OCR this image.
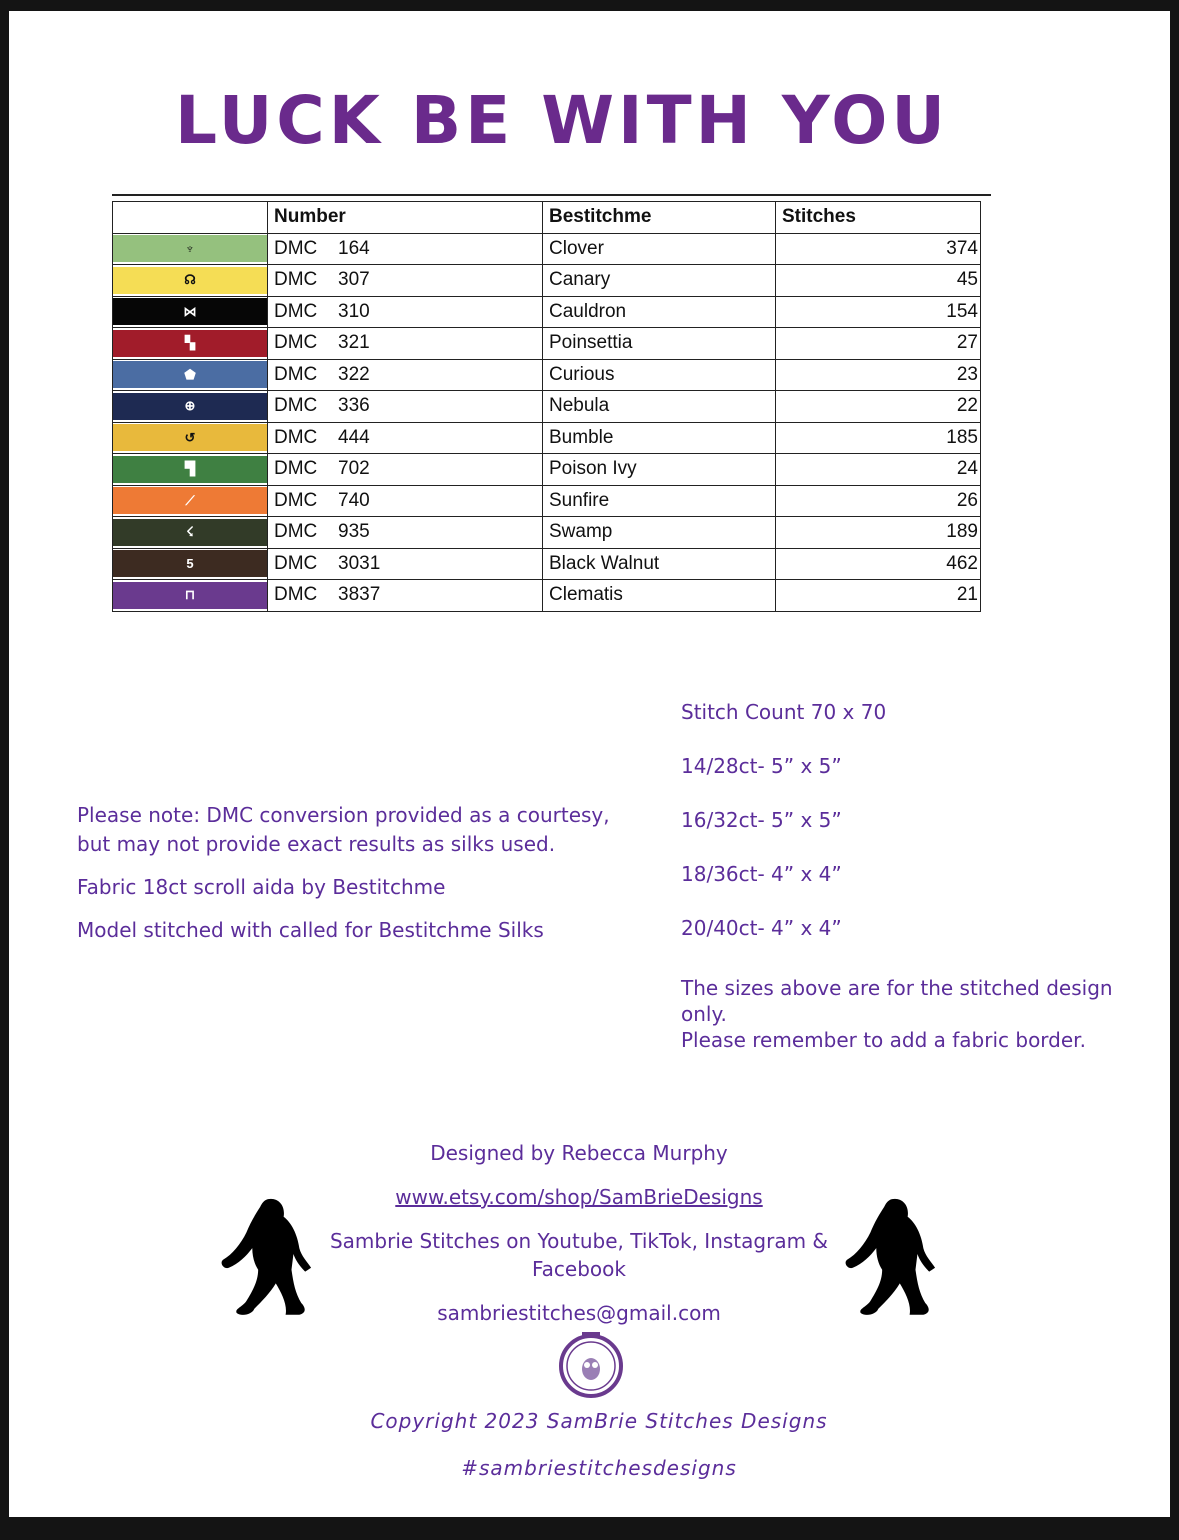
LUCK BE WITH YOU
	Number	Bestitchme	Stitches

♆	DMC 164	Clover	374

☊	DMC 307	Canary	45

⋈	DMC 310	Cauldron	154

▚	DMC 321	Poinsettia	27

⬟	DMC 322	Curious	23

⊕	DMC 336	Nebula	22

↺	DMC 444	Bumble	185

▜	DMC 702	Poison Ivy	24

⟋	DMC 740	Sunfire	26

☇	DMC 935	Swamp	189

5	DMC 3031	Black Walnut	462

⊓	DMC 3837	Clematis	21

Please note: DMC conversion provided as a courtesy, but may not provide exact results as silks used.

Fabric 18ct scroll aida by Bestitchme

Model stitched with called for Bestitchme Silks

Stitch Count 70 x 70
14/28ct- 5” x 5”
16/32ct- 5” x 5”
18/36ct- 4” x 4”
20/40ct- 4” x 4”
The sizes above are for the stitched design only.
Please remember to add a fabric border.
Designed by Rebecca Murphy
www.etsy.com/shop/SamBrieDesigns
Sambrie Stitches on Youtube, TikTok, Instagram & Facebook
sambriestitches@gmail.com
Copyright 2023 SamBrie Stitches Designs
#sambriestitchesdesigns
